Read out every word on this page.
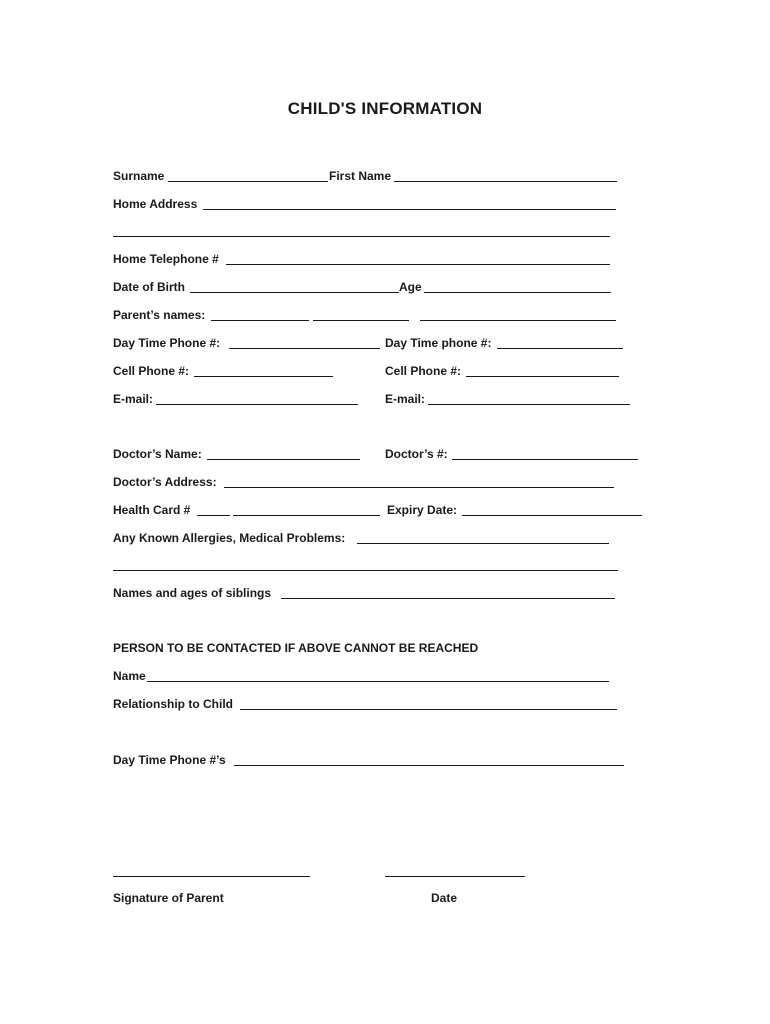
CHILD'S INFORMATION
Surname	First Name
Home Address
Home Telephone #
Date of Birth	Age
Parent’s names:
Day Time Phone #:	Day Time phone #:
Cell Phone #:	Cell Phone #:
E-mail:	E-mail:
Doctor’s Name:	Doctor’s #:
Doctor’s Address:
Health Card #	Expiry Date:
Any Known Allergies, Medical Problems:
Names and ages of siblings
PERSON TO BE CONTACTED IF ABOVE CANNOT BE REACHED
Name
Relationship to Child
Day Time Phone #’s
Signature of Parent	Date
